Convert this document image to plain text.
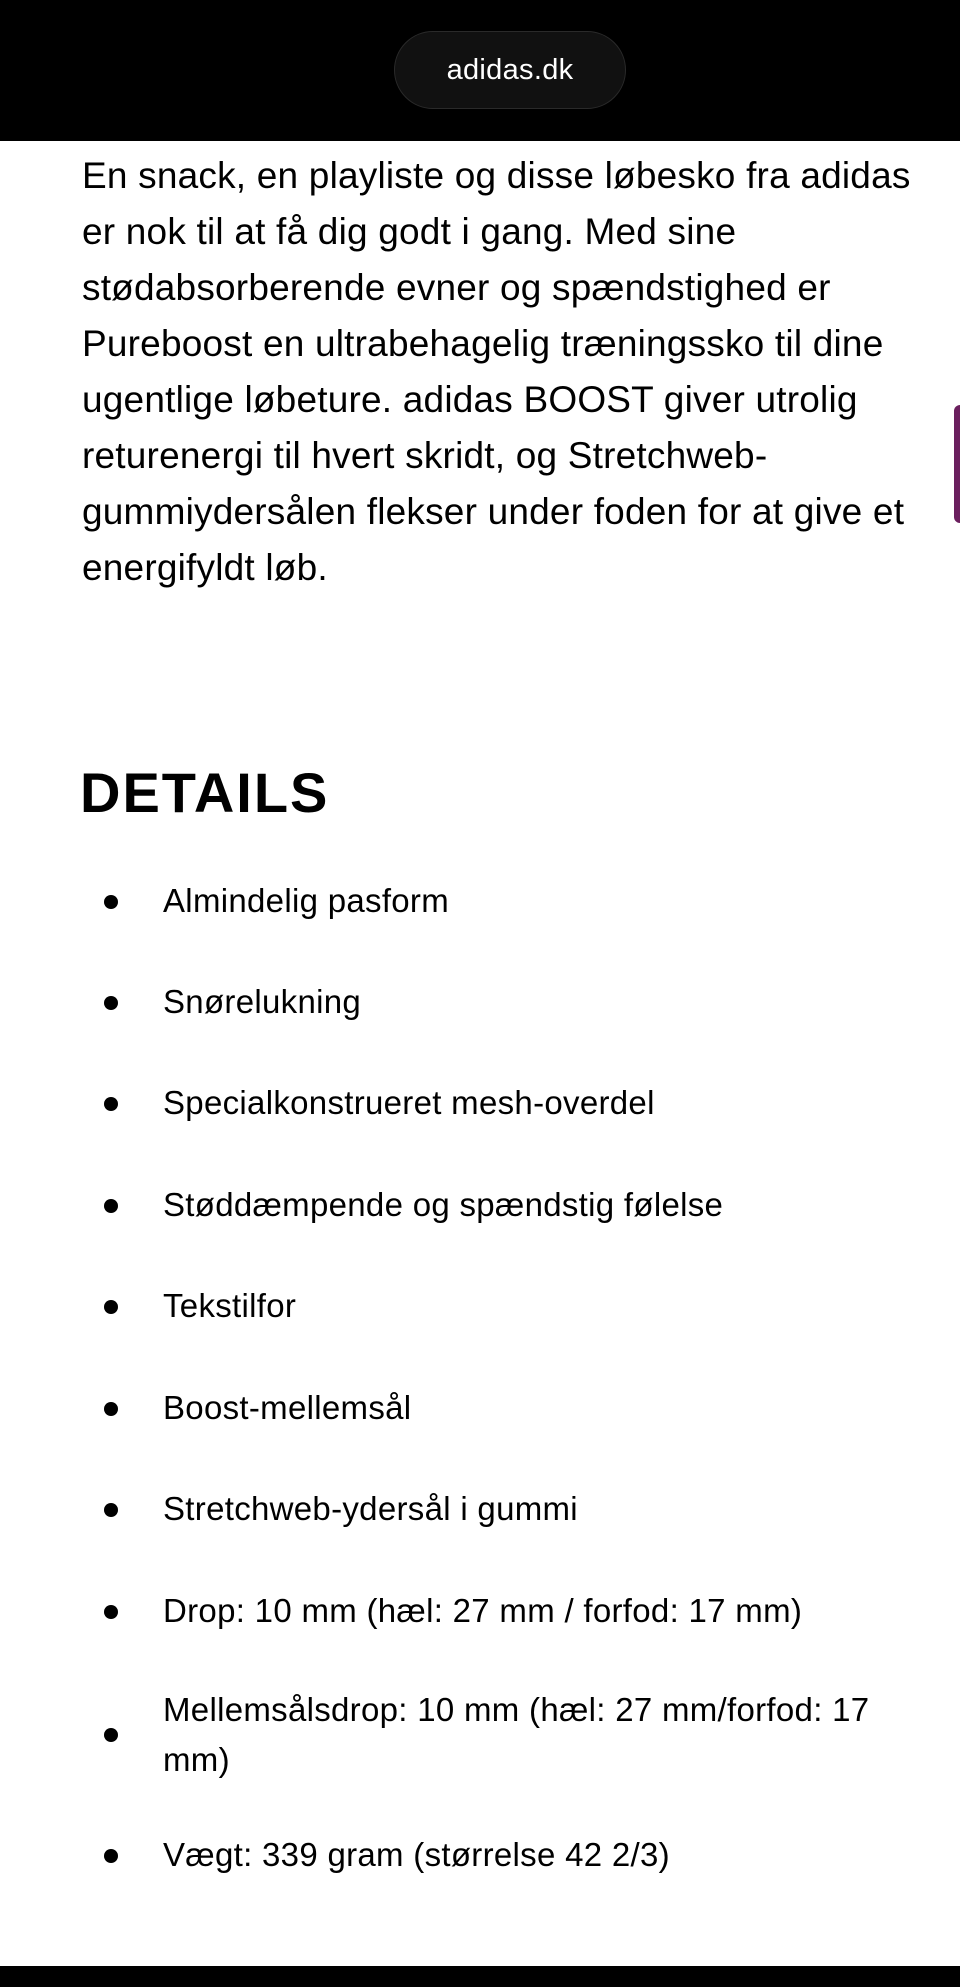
adidas.dk

En snack, en playliste og disse løbesko fra adidas er nok til at få dig godt i gang. Med sine stødabsorberende evner og spændstighed er Pureboost en ultrabehagelig træningssko til dine ugentlige løbeture. adidas BOOST giver utrolig returenergi til hvert skridt, og Stretchweb-gummiydersålen flekser under foden for at give et energifyldt løb.

DETAILS
Almindelig pasform
Snørelukning
Specialkonstrueret mesh-overdel
Støddæmpende og spændstig følelse
Tekstilfor
Boost-mellemsål
Stretchweb-ydersål i gummi
Drop: 10 mm (hæl: 27 mm / forfod: 17 mm)
Mellemsålsdrop: 10 mm (hæl: 27 mm/forfod: 17 mm)
Vægt: 339 gram (størrelse 42 2/3)
